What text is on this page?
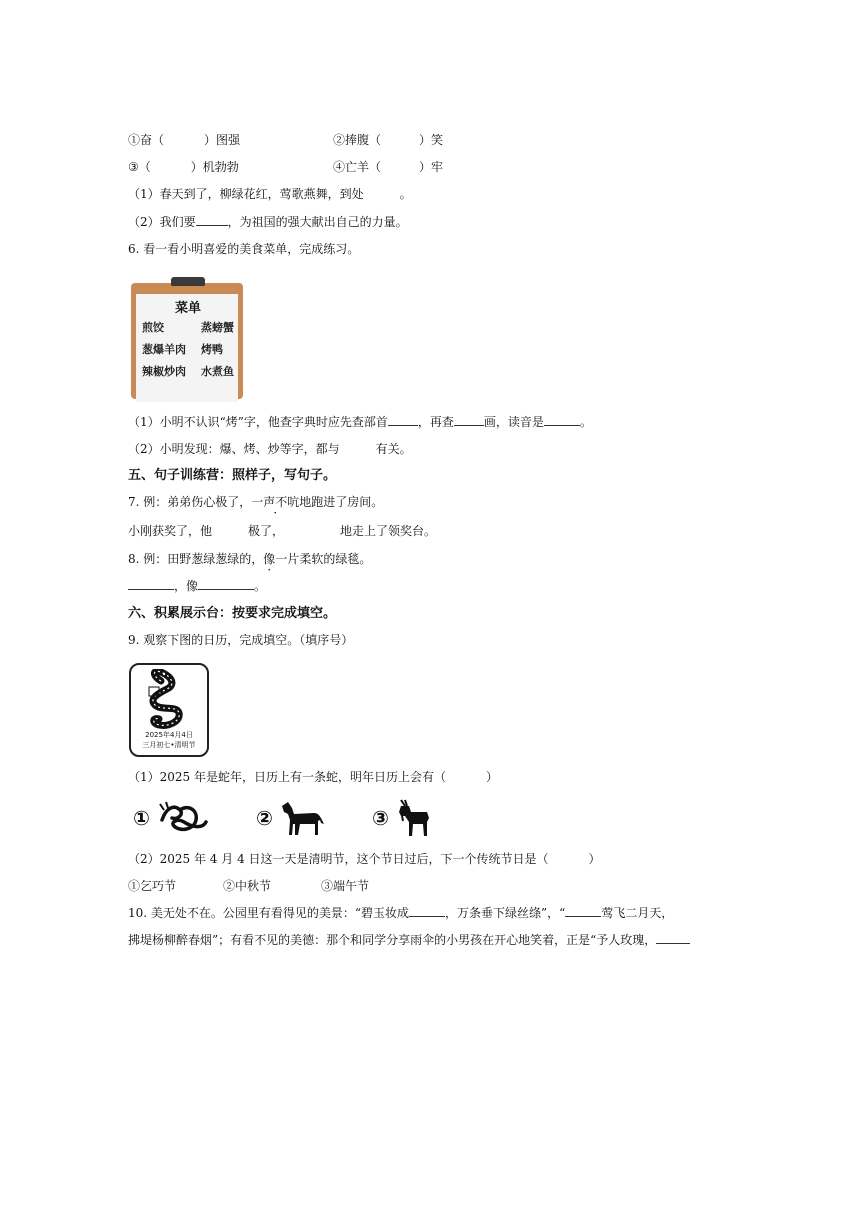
①奋（	）图强	②捧腹（	）笑
③（	）机勃勃	④亡羊（	）牢
（1）春天到了，柳绿花红，莺歌燕舞，到处	。
（2）我们要	，为祖国的强大献出自己的力量。
6. 看一看小明喜爱的美食菜单，完成练习。
菜单
煎饺	蒸螃蟹
葱爆羊肉 烤鸭
辣椒炒肉 水煮鱼
（1）小明不认识“烤”字，他查字典时应先查部首	，再查	画，读音是	。
（2）小明发现：爆、烤、炒等字，都与	有关。
五、句子训练营：照样子，写句子。
7. 例：弟弟伤心极了，一声不吭地跑进了房间。
小刚获奖了，他	极了，	地走上了领奖台。
8. 例：田野葱绿葱绿的，像一片柔软的绿毯。
，像	。
六、积累展示台：按要求完成填空。
9. 观察下图的日历，完成填空。（填序号）
2025年4月4日
三月初七•清明节
（1）2025 年是蛇年，日历上有一条蛇，明年日历上会有（	）
①	②	③
（2）2025 年 4 月 4 日这一天是清明节，这个节日过后，下一个传统节日是（	）
①乞巧节	②中秋节	③端午节
10. 美无处不在。公园里有看得见的美景：“碧玉妆成	，万条垂下绿丝绦”，“	莺飞二月天，
拂堤杨柳醉春烟”；有看不见的美德：那个和同学分享雨伞的小男孩在开心地笑着，正是“予人玫瑰，
